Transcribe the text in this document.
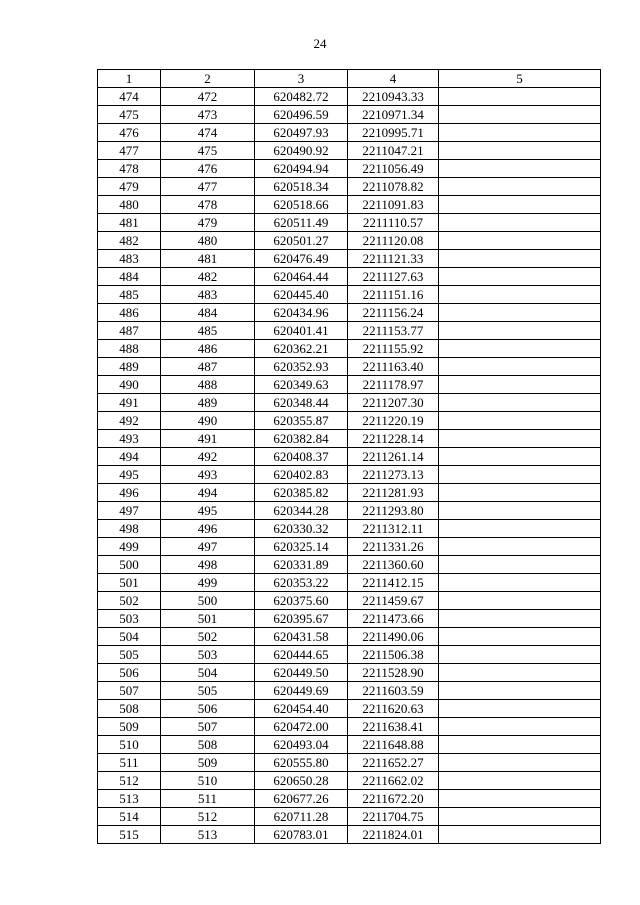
24
1	2	3	4	5
474	472	620482.72	2210943.33	
475	473	620496.59	2210971.34	
476	474	620497.93	2210995.71	
477	475	620490.92	2211047.21	
478	476	620494.94	2211056.49	
479	477	620518.34	2211078.82	
480	478	620518.66	2211091.83	
481	479	620511.49	2211110.57	
482	480	620501.27	2211120.08	
483	481	620476.49	2211121.33	
484	482	620464.44	2211127.63	
485	483	620445.40	2211151.16	
486	484	620434.96	2211156.24	
487	485	620401.41	2211153.77	
488	486	620362.21	2211155.92	
489	487	620352.93	2211163.40	
490	488	620349.63	2211178.97	
491	489	620348.44	2211207.30	
492	490	620355.87	2211220.19	
493	491	620382.84	2211228.14	
494	492	620408.37	2211261.14	
495	493	620402.83	2211273.13	
496	494	620385.82	2211281.93	
497	495	620344.28	2211293.80	
498	496	620330.32	2211312.11	
499	497	620325.14	2211331.26	
500	498	620331.89	2211360.60	
501	499	620353.22	2211412.15	
502	500	620375.60	2211459.67	
503	501	620395.67	2211473.66	
504	502	620431.58	2211490.06	
505	503	620444.65	2211506.38	
506	504	620449.50	2211528.90	
507	505	620449.69	2211603.59	
508	506	620454.40	2211620.63	
509	507	620472.00	2211638.41	
510	508	620493.04	2211648.88	
511	509	620555.80	2211652.27	
512	510	620650.28	2211662.02	
513	511	620677.26	2211672.20	
514	512	620711.28	2211704.75	
515	513	620783.01	2211824.01	
